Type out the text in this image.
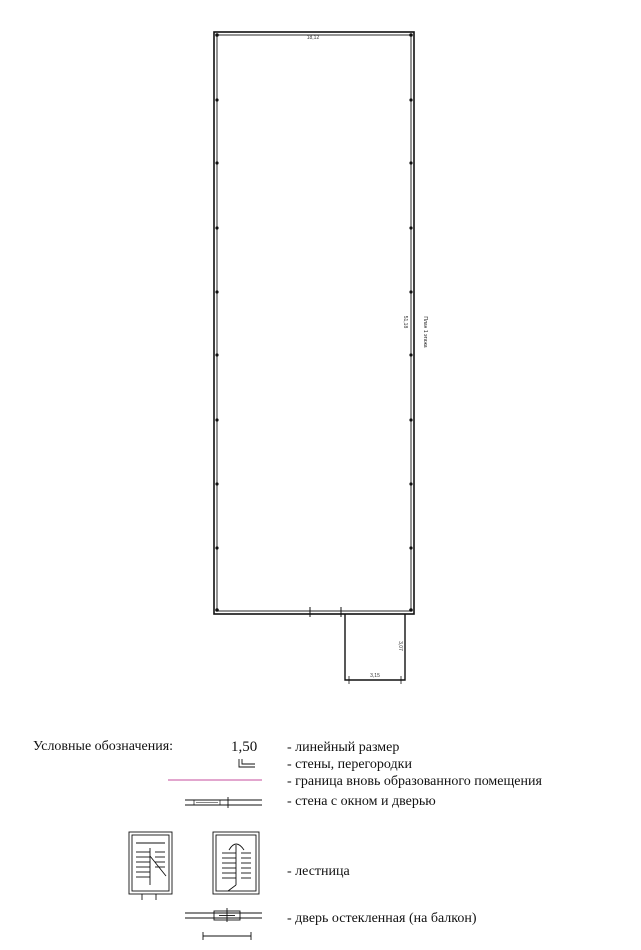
18,12
51,18
3,07
3,15
План 1 этажа
Условные обозначения:	1,50 - линейный размер
- стены, перегородки
- граница вновь образованного помещения
- стена с окном и дверью
- лестница
- дверь остекленная (на балкон)
